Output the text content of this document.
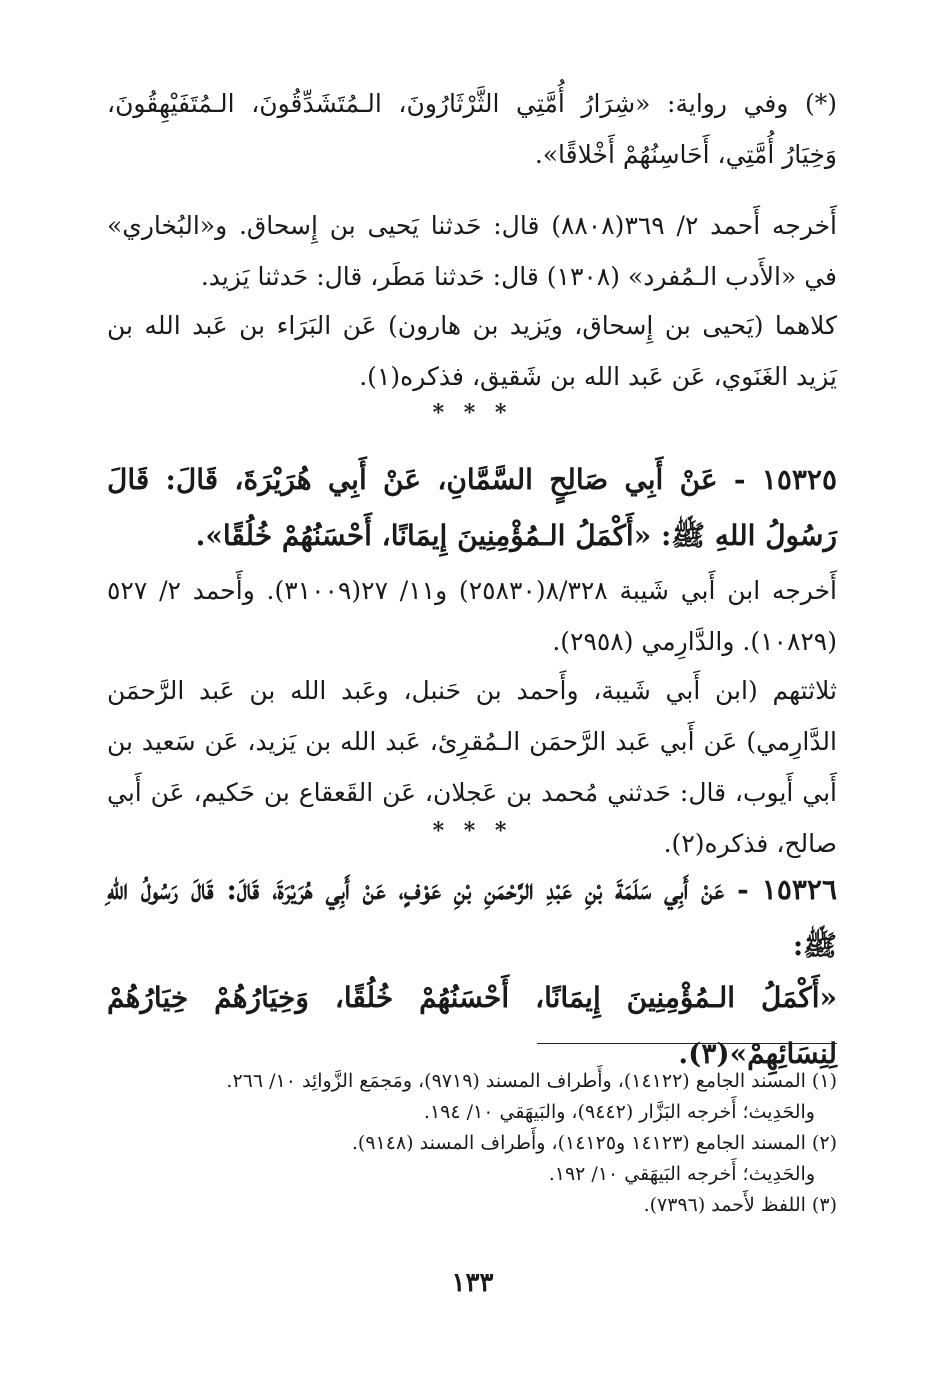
(*) وفي رواية: «شِرَارُ أُمَّتِي الثَّرْثَارُونَ، الـمُتَشَدِّقُونَ، الـمُتَفَيْهِقُونَ، وَخِيَارُ أُمَّتِي، أَحَاسِنُهُمْ أَخْلاقًا».

أَخرجه أَحمد ٢/ ٣٦٩(٨٨٠٨) قال: حَدثنا يَحيى بن إِسحاق. و«البُخاري» في «الأَدب الـمُفرد» (١٣٠٨) قال: حَدثنا مَطَر، قال: حَدثنا يَزيد.

كلاهما (يَحيى بن إِسحاق، ويَزيد بن هارون) عَن البَرَاء بن عَبد الله بن يَزيد الغَنَوي، عَن عَبد الله بن شَقيق، فذكره(١).

* * *

١٥٣٢٥ - عَنْ أَبِي صَالِحٍ السَّمَّانِ، عَنْ أَبِي هُرَيْرَةَ، قَالَ: قَالَ رَسُولُ اللهِ ﷺ: «أَكْمَلُ الـمُؤْمِنِينَ إِيمَانًا، أَحْسَنُهُمْ خُلُقًا».

أَخرجه ابن أَبي شَيبة ٨/٣٢٨(٢٥٨٣٠) و١١/ ٢٧(٣١٠٠٩). وأَحمد ٢/ ٥٢٧ (١٠٨٢٩). والدَّارِمي (٢٩٥٨).

ثلاثتهم (ابن أَبي شَيبة، وأَحمد بن حَنبل، وعَبد الله بن عَبد الرَّحمَن الدَّارِمي) عَن أَبي عَبد الرَّحمَن الـمُقرِئ، عَبد الله بن يَزيد، عَن سَعيد بن أَبي أَيوب، قال: حَدثني مُحمد بن عَجلان، عَن القَعقاع بن حَكيم، عَن أَبي صالح، فذكره(٢).

* * *

١٥٣٢٦ - عَنْ أَبِي سَلَمَةَ بْنِ عَبْدِ الرَّحْمَنِ بْنِ عَوْفٍ، عَنْ أَبِي هُرَيْرَةَ، قَالَ: قَالَ رَسُولُ اللهِ ﷺ:

«أَكْمَلُ الـمُؤْمِنِينَ إِيمَانًا، أَحْسَنُهُمْ خُلُقًا، وَخِيَارُهُمْ خِيَارُهُمْ لِنِسَائِهِمْ»(٣).

(١) المسند الجامع (١٤١٢٢)، وأَطراف المسند (٩٧١٩)، ومَجمَع الزَّوائِد ١٠/ ٢٦٦.
والحَدِيث؛ أَخرجه البَزَّار (٩٤٤٢)، والبَيهَقي ١٠/ ١٩٤.
(٢) المسند الجامع (١٤١٢٣ و١٤١٢٥)، وأَطراف المسند (٩١٤٨).
والحَدِيث؛ أَخرجه البَيهَقي ١٠/ ١٩٢.
(٣) اللفظ لأَحمد (٧٣٩٦).
١٣٣
